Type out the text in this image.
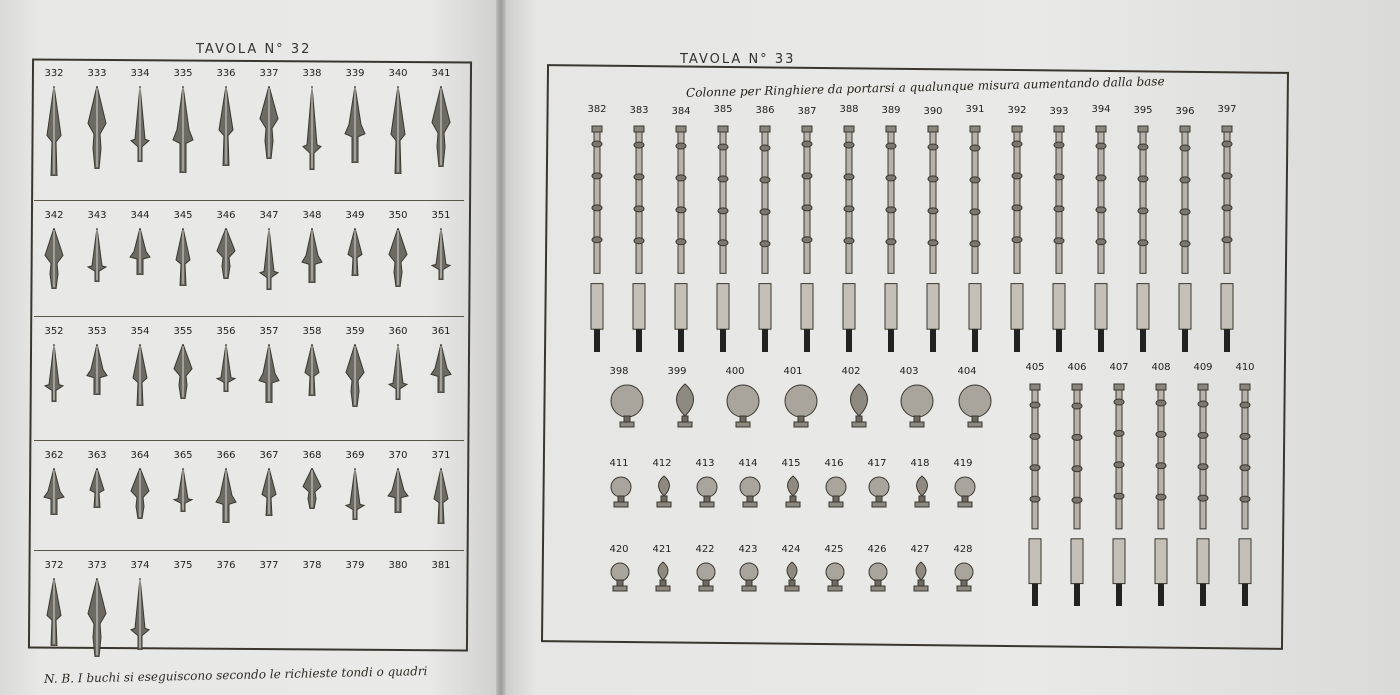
TAVOLA N° 32
332	333	334	335	336	337	338	339	340	341
342	343	344	345	346	347	348	349	350	351
352	353	354	355	356	357	358	359	360	361
362	363	364	365	366	367	368	369	370	371
372	373	374	375	376	377	378	379	380	381
N. B. I buchi si eseguiscono secondo le richieste tondi o quadri
TAVOLA N° 33
Colonne per Ringhiere da portarsi a qualunque misura aumentando dalla base
382	383	384	385	386	387	388	389	390	391	392	393	394	395	396	397
398	399	400	401	402	403	404
411	412	413	414	415	416	417	418	419
420	421	422	423	424	425	426	427	428
405	406	407	408	409	410
